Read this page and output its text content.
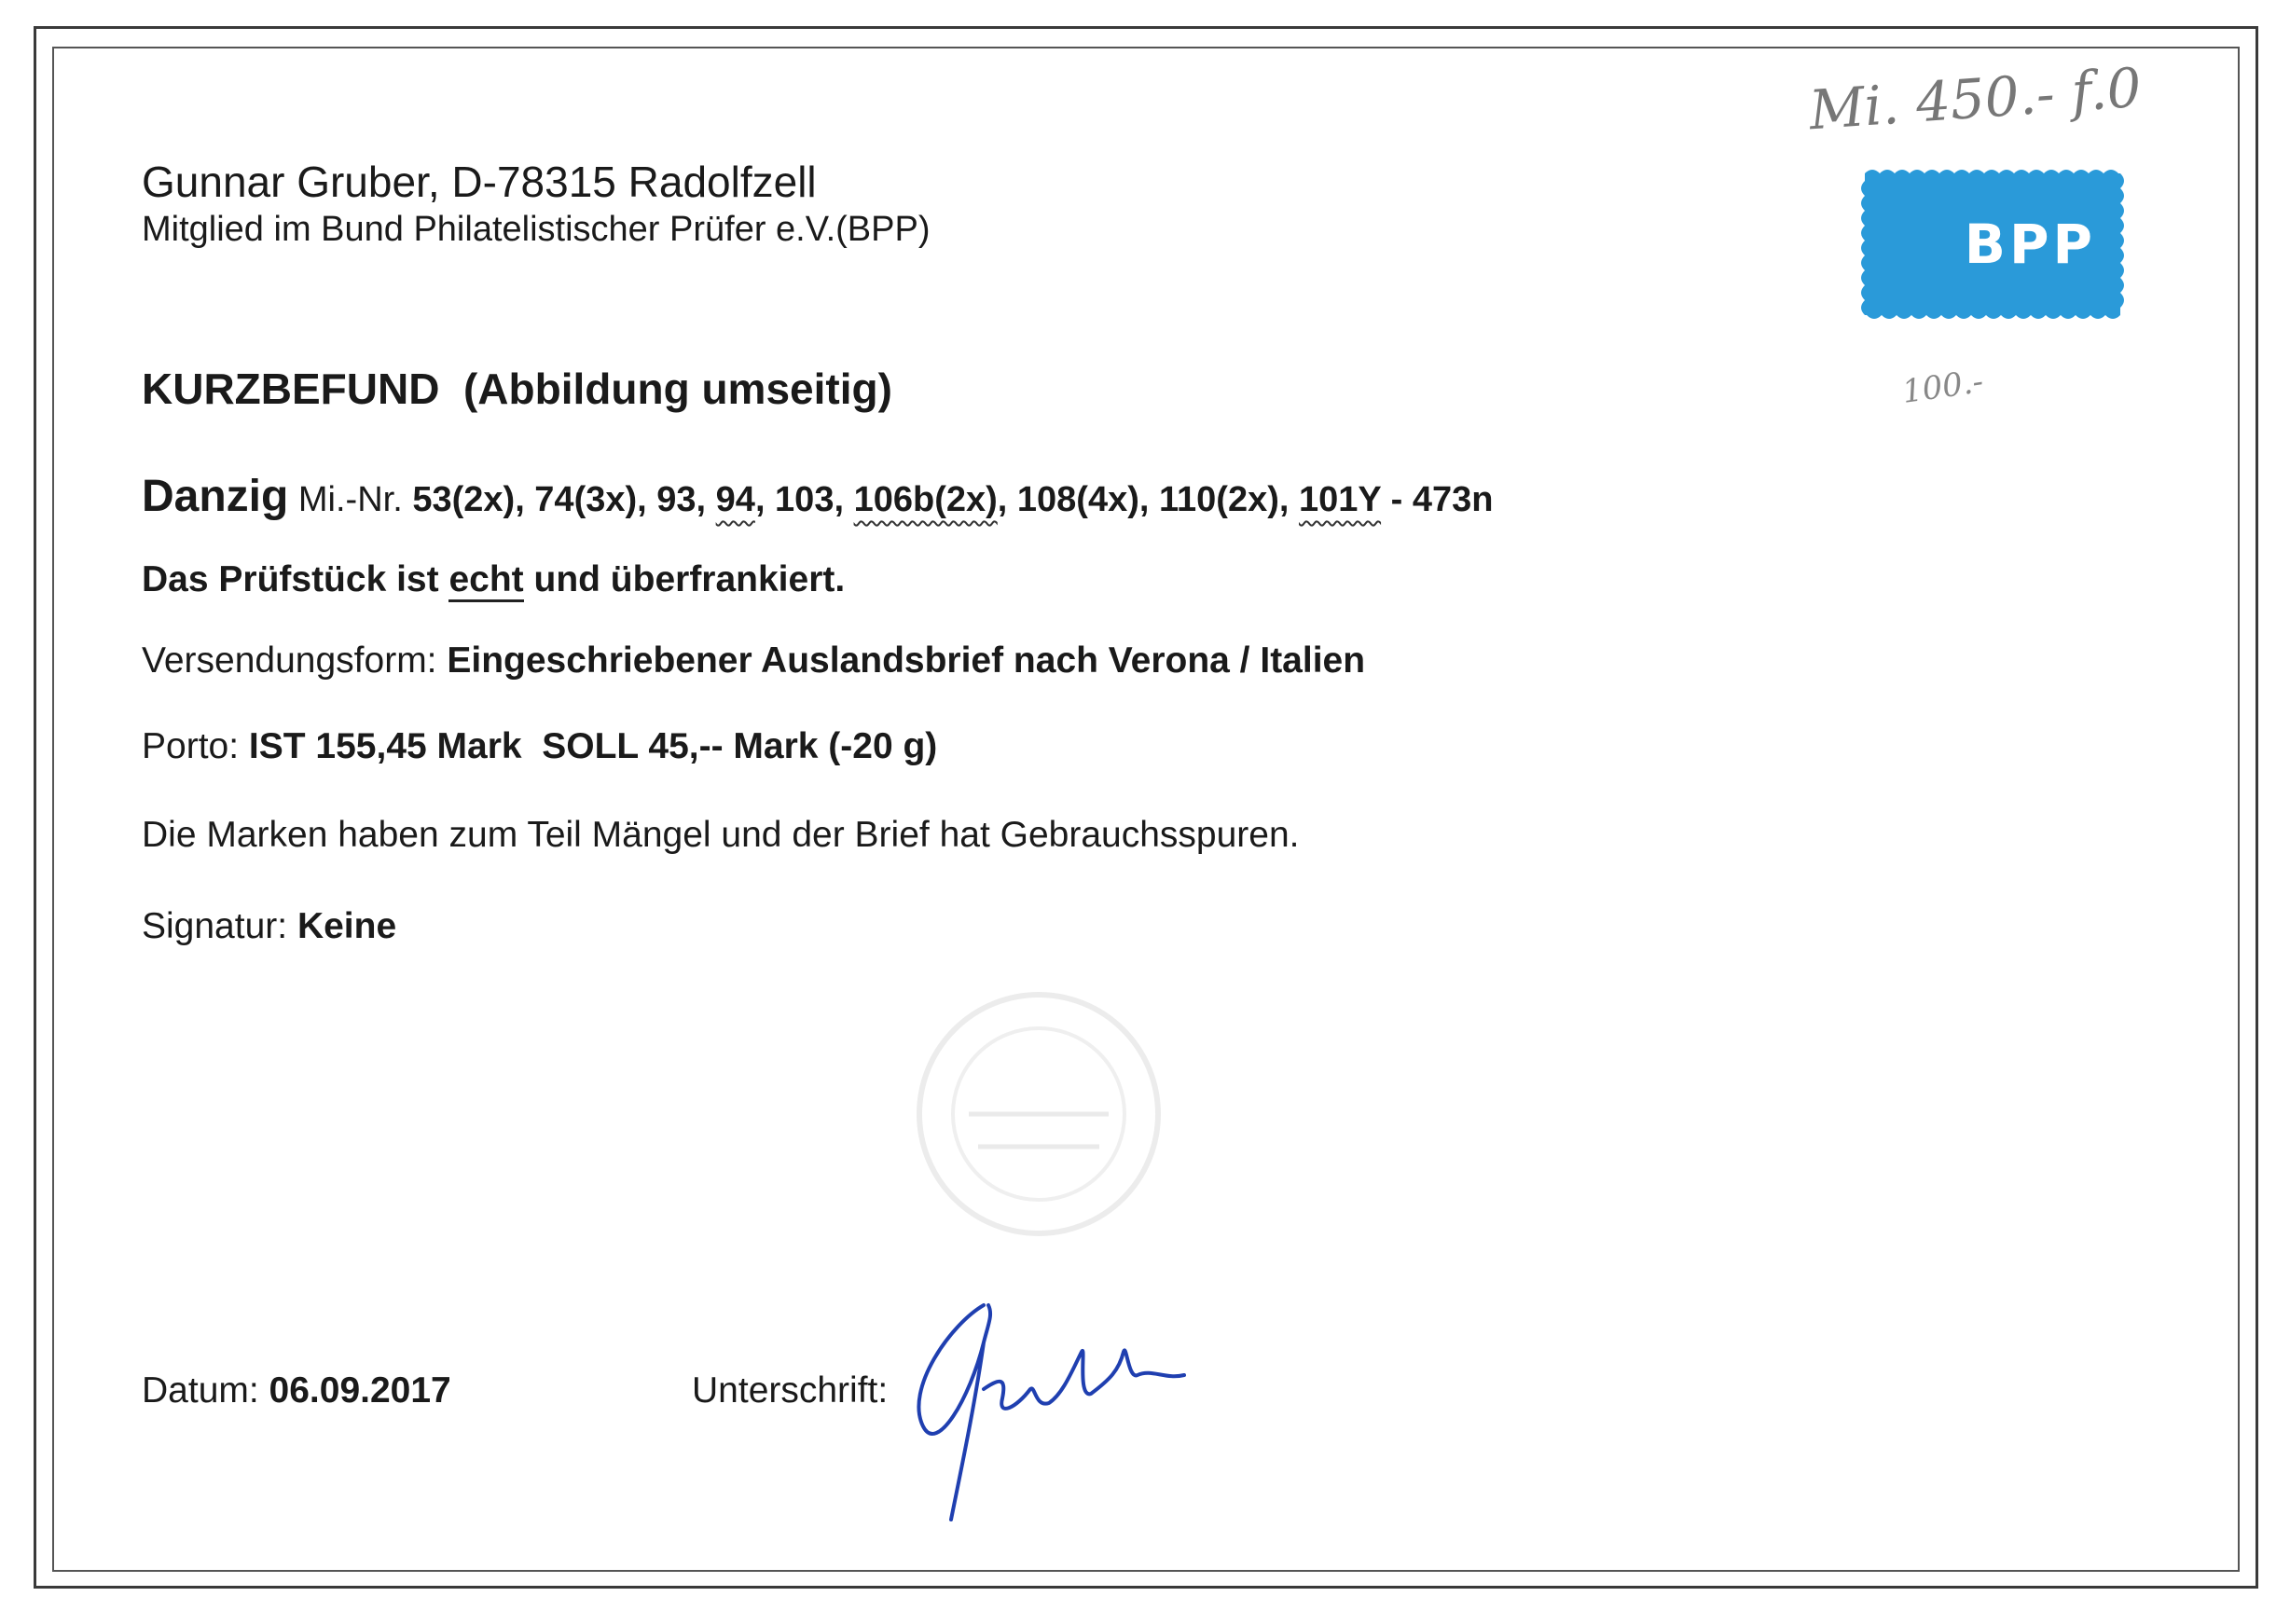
Mi. 450.- f.0
100.-
Gunnar Gruber, D-78315 Radolfzell
Mitglied im Bund Philatelistischer Prüfer e.V.(BPP)	BPP
KURZBEFUND (Abbildung umseitig)
Danzig Mi.-Nr. 53(2x), 74(3x), 93, 94, 103, 106b(2x), 108(4x), 110(2x), 101Y - 473n
Das Prüfstück ist echt und überfrankiert.
Versendungsform: Eingeschriebener Auslandsbrief nach Verona / Italien
Porto: IST 155,45 Mark SOLL 45,-- Mark (-20 g)
Die Marken haben zum Teil Mängel und der Brief hat Gebrauchsspuren.
Signatur: Keine
Datum: 06.09.2017	Unterschrift:
